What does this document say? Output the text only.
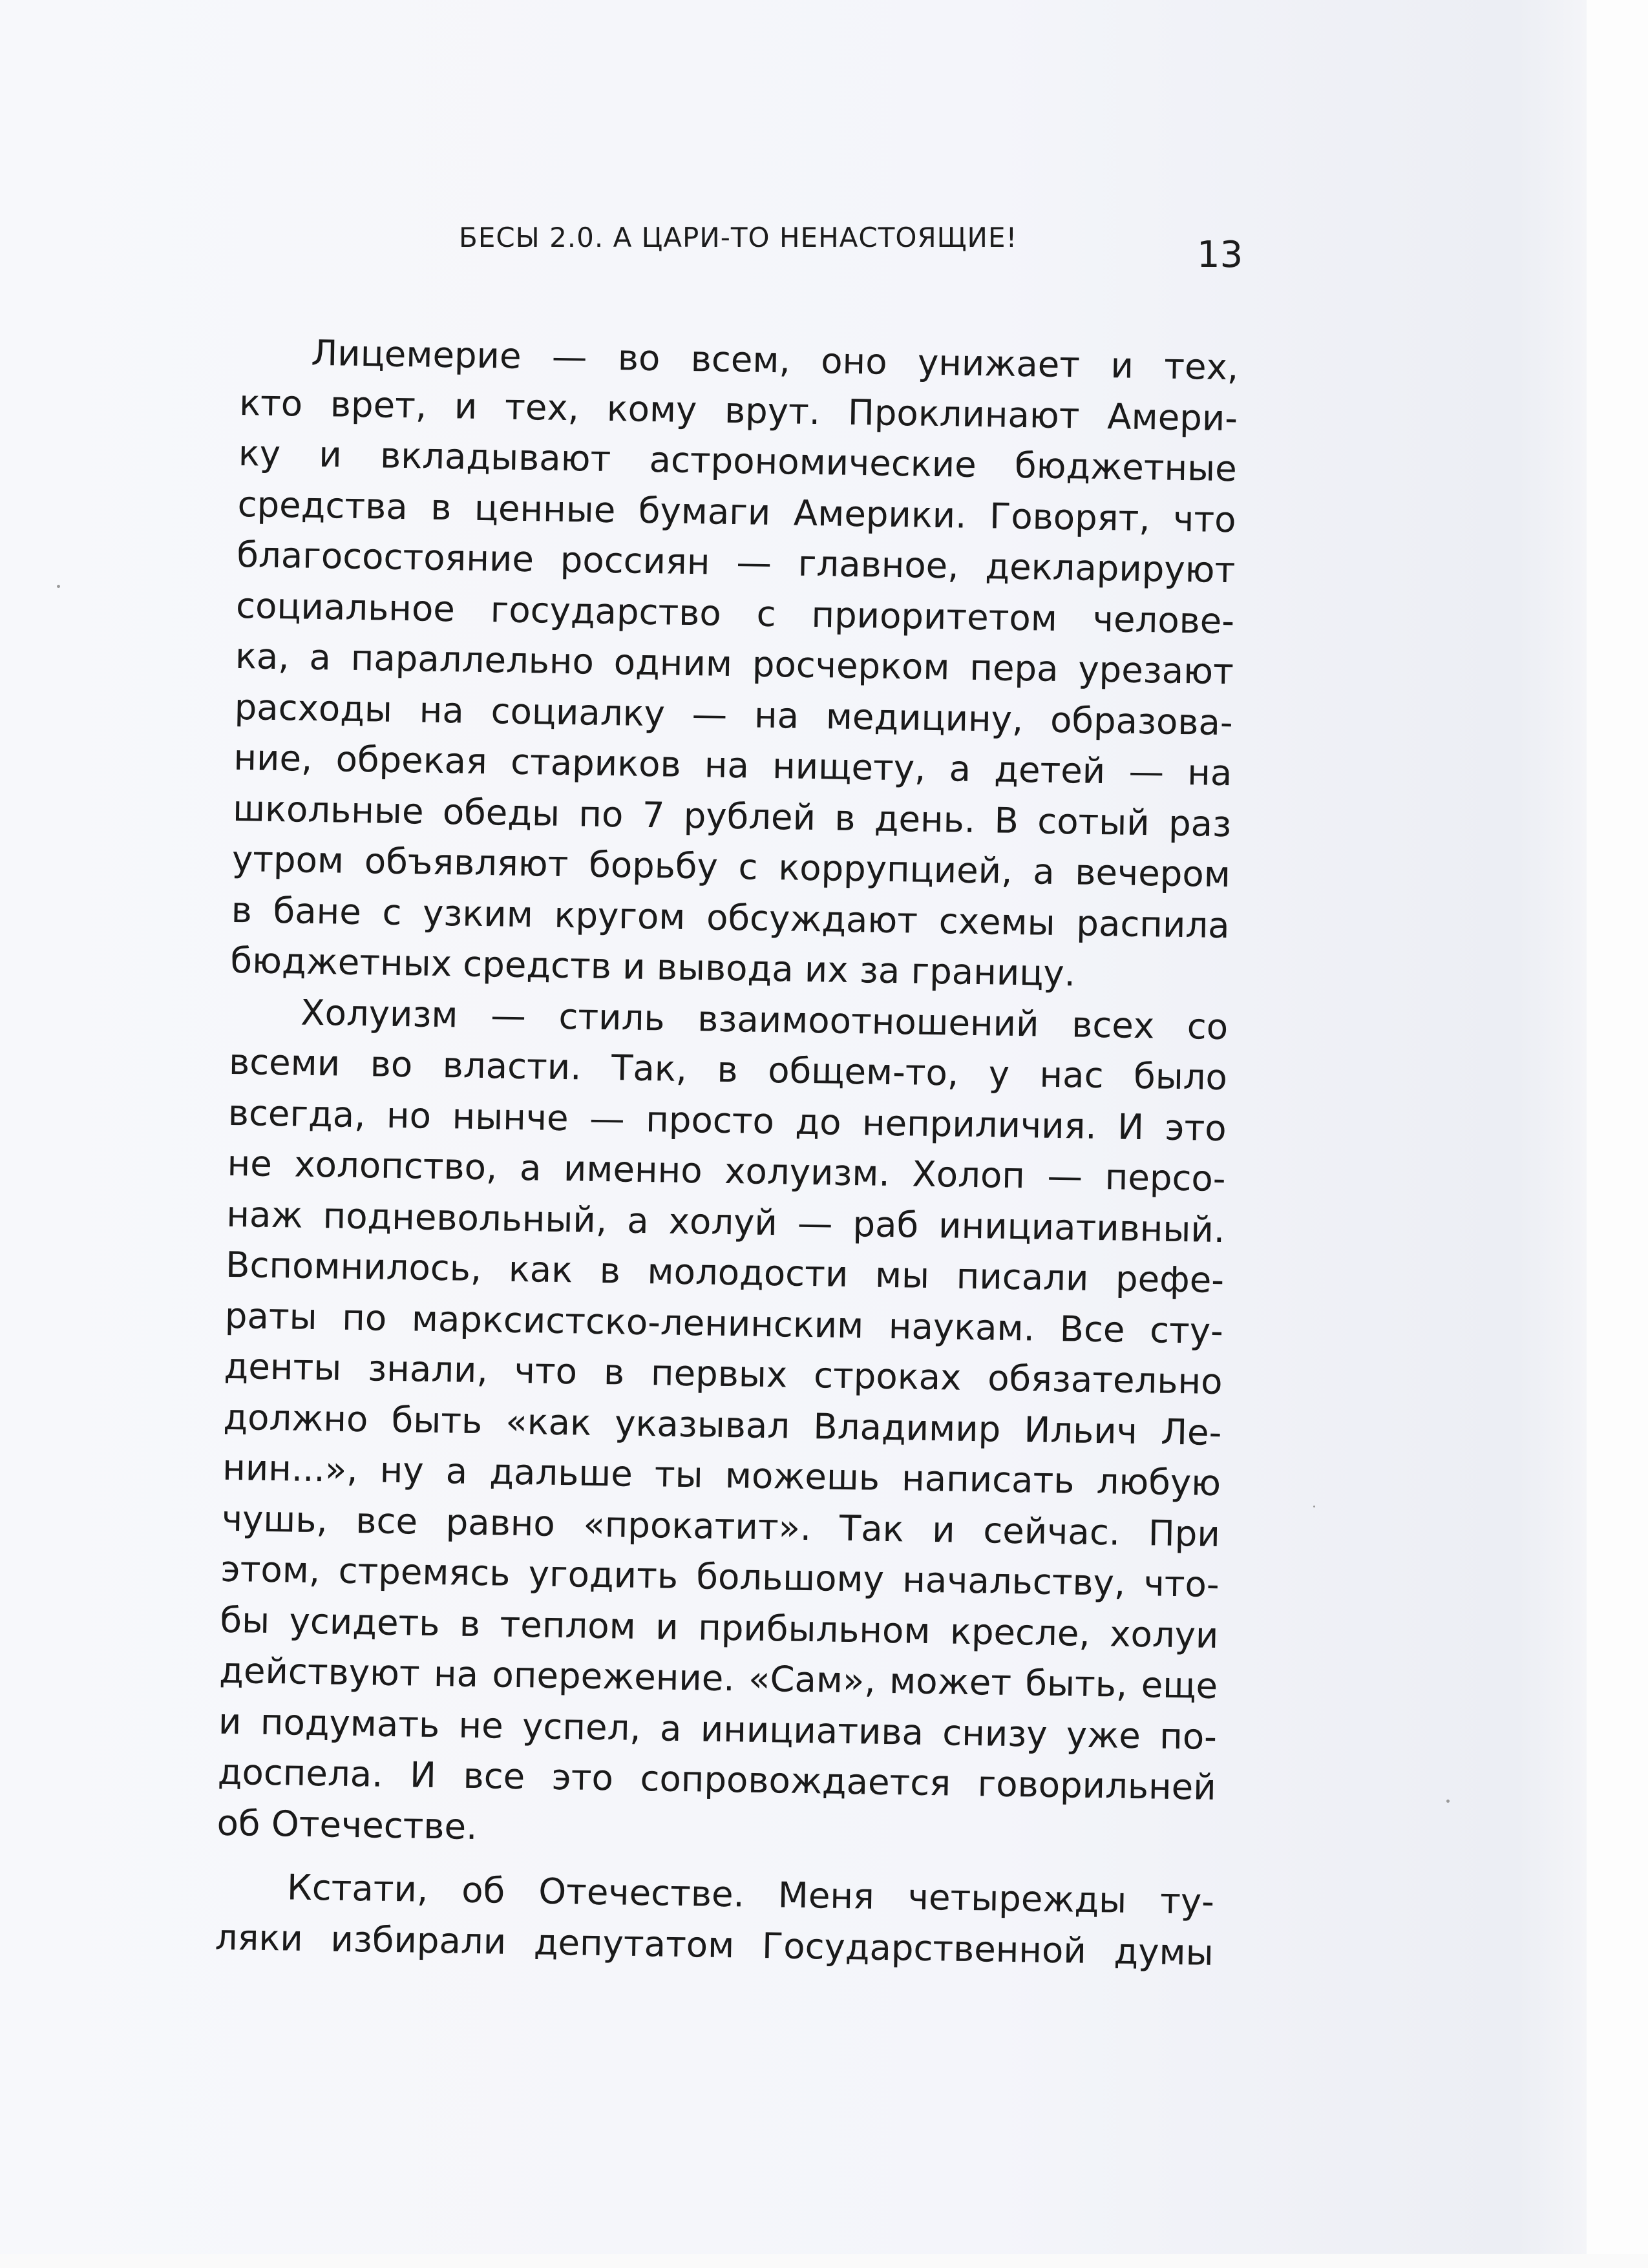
БЕСЫ 2.0. А ЦАРИ-ТО НЕНАСТОЯЩИЕ!	13

Лицемерие — во всем, оно унижает и тех,
кто врет, и тех, кому врут. Проклинают Амери-
ку и вкладывают астрономические бюджетные
средства в ценные бумаги Америки. Говорят, что
благосостояние россиян — главное, декларируют
социальное государство с приоритетом челове-
ка, а параллельно одним росчерком пера урезают
расходы на социалку — на медицину, образова-
ние, обрекая стариков на нищету, а детей — на
школьные обеды по 7 рублей в день. В сотый раз
утром объявляют борьбу с коррупцией, а вечером
в бане с узким кругом обсуждают схемы распила
бюджетных средств и вывода их за границу.

Холуизм — стиль взаимоотношений всех со
всеми во власти. Так, в общем-то, у нас было
всегда, но нынче — просто до неприличия. И это
не холопство, а именно холуизм. Холоп — персо-
наж подневольный, а холуй — раб инициативный.
Вспомнилось, как в молодости мы писали рефе-
раты по марксистско-ленинским наукам. Все сту-
денты знали, что в первых строках обязательно
должно быть «как указывал Владимир Ильич Ле-
нин...», ну а дальше ты можешь написать любую
чушь, все равно «прокатит». Так и сейчас. При
этом, стремясь угодить большому начальству, что-
бы усидеть в теплом и прибыльном кресле, холуи
действуют на опережение. «Сам», может быть, еще
и подумать не успел, а инициатива снизу уже по-
доспела. И все это сопровождается говорильней
об Отечестве.

Кстати, об Отечестве. Меня четырежды ту-
ляки избирали депутатом Государственной думы
